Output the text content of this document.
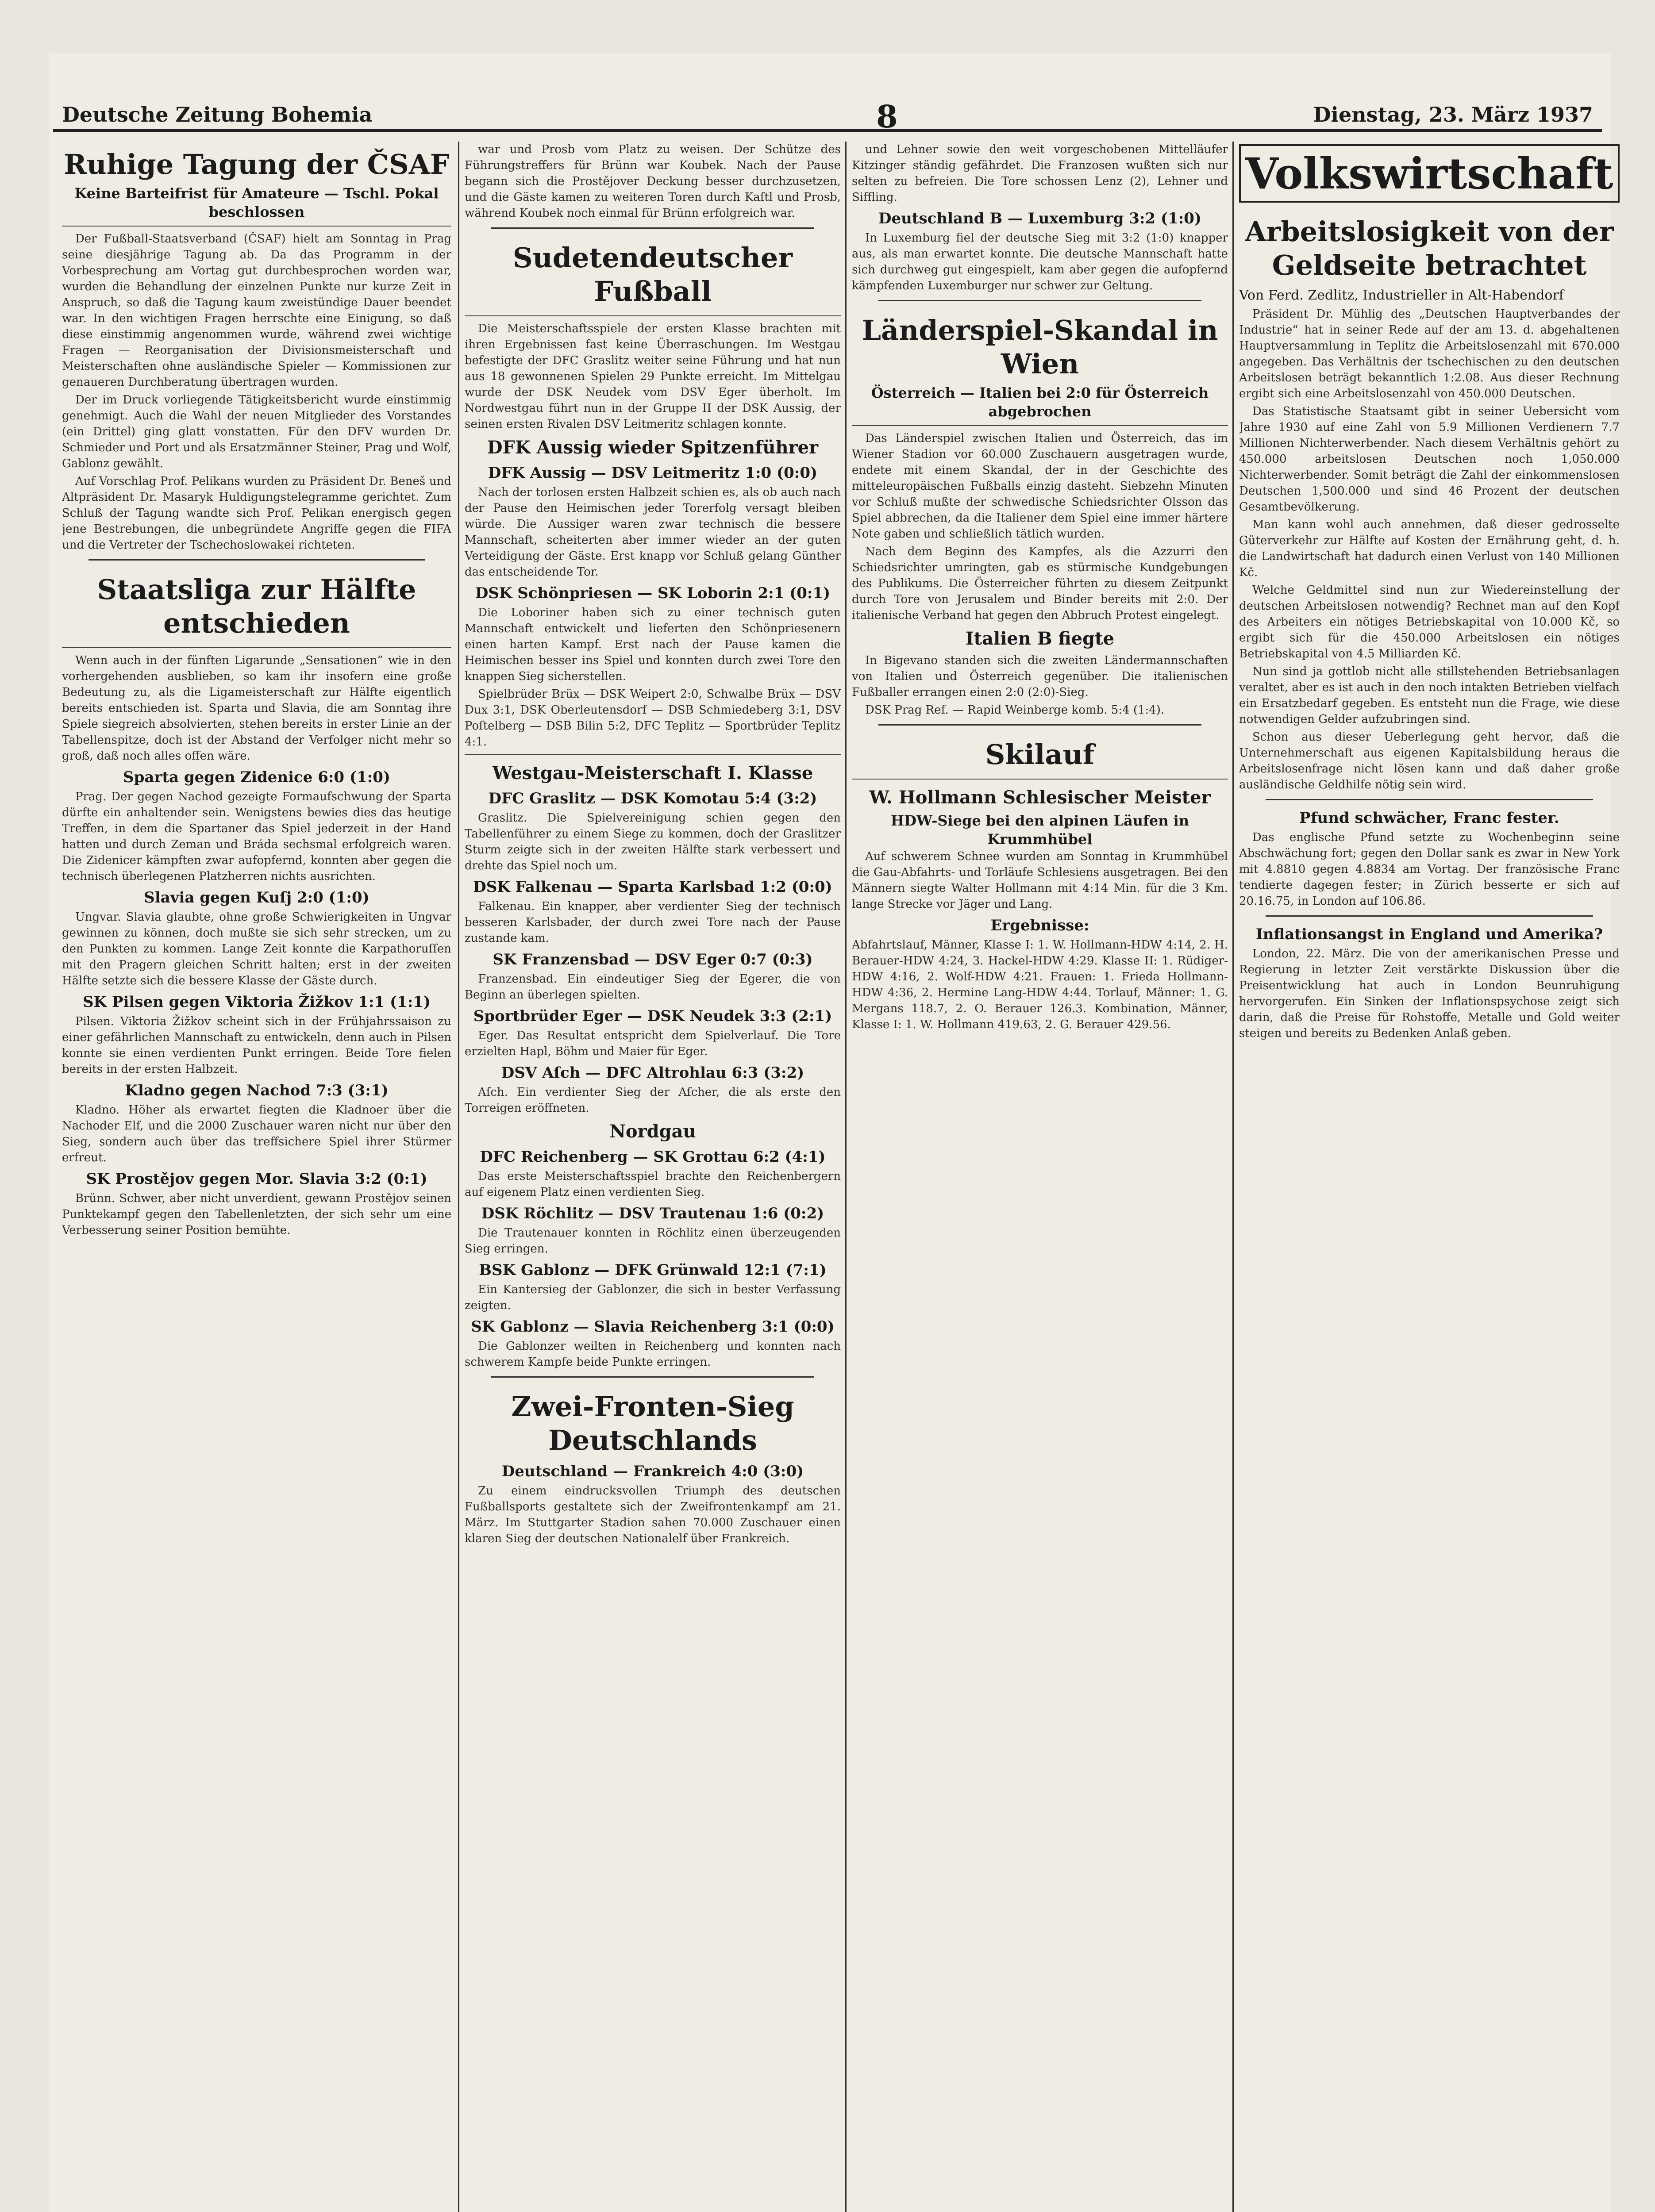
Deutsche Zeitung Bohemia	8	Dienstag, 23. März 1937
Ruhige Tagung der ČSAF
Keine Barteifrist für Amateure — Tschl. Pokal beschlossen

Der Fußball-Staatsverband (ČSAF) hielt am Sonntag in Prag seine diesjährige Tagung ab. Da das Programm in der Vorbesprechung am Vortag gut durchbesprochen worden war, wurden die Behandlung der einzelnen Punkte nur kurze Zeit in Anspruch, so daß die Tagung kaum zweistündige Dauer beendet war. In den wichtigen Fragen herrschte eine Einigung, so daß diese einstimmig angenommen wurde, während zwei wichtige Fragen — Reorganisation der Divisionsmeisterschaft und Meisterschaften ohne ausländische Spieler — Kommissionen zur genaueren Durchberatung übertragen wurden.

Der im Druck vorliegende Tätigkeitsbericht wurde einstimmig genehmigt. Auch die Wahl der neuen Mitglieder des Vorstandes (ein Drittel) ging glatt vonstatten. Für den DFV wurden Dr. Schmieder und Port und als Ersatzmänner Steiner, Prag und Wolf, Gablonz gewählt.

Auf Vorschlag Prof. Pelikans wurden zu Präsident Dr. Beneš und Altpräsident Dr. Masaryk Huldigungstelegramme gerichtet. Zum Schluß der Tagung wandte sich Prof. Pelikan energisch gegen jene Bestrebungen, die unbegründete Angriffe gegen die FIFA und die Vertreter der Tschechoslowakei richteten.

Staatsliga zur Hälfte entschieden

Wenn auch in der fünften Ligarunde „Sensationen“ wie in den vorhergehenden ausblieben, so kam ihr insofern eine große Bedeutung zu, als die Ligameisterschaft zur Hälfte eigentlich bereits entschieden ist. Sparta und Slavia, die am Sonntag ihre Spiele siegreich absolvierten, stehen bereits in erster Linie an der Tabellenspitze, doch ist der Abstand der Verfolger nicht mehr so groß, daß noch alles offen wäre.

Sparta gegen Zidenice 6:0 (1:0)

Prag. Der gegen Nachod gezeigte Formaufschwung der Sparta dürfte ein anhaltender sein. Wenigstens bewies dies das heutige Treffen, in dem die Spartaner das Spiel jederzeit in der Hand hatten und durch Zeman und Bráda sechsmal erfolgreich waren. Die Zidenicer kämpften zwar aufopfernd, konnten aber gegen die technisch überlegenen Platzherren nichts ausrichten.

Slavia gegen Kuſj 2:0 (1:0)

Ungvar. Slavia glaubte, ohne große Schwierigkeiten in Ungvar gewinnen zu können, doch mußte sie sich sehr strecken, um zu den Punkten zu kommen. Lange Zeit konnte die Karpathoruſſen mit den Pragern gleichen Schritt halten; erst in der zweiten Hälfte setzte sich die bessere Klasse der Gäste durch.

SK Pilsen gegen Viktoria Žižkov 1:1 (1:1)

Pilsen. Viktoria Žižkov scheint sich in der Frühjahrssaison zu einer gefährlichen Mannschaft zu entwickeln, denn auch in Pilsen konnte sie einen verdienten Punkt erringen. Beide Tore fielen bereits in der ersten Halbzeit.

Kladno gegen Nachod 7:3 (3:1)

Kladno. Höher als erwartet fiegten die Kladnoer über die Nachoder Elf, und die 2000 Zuschauer waren nicht nur über den Sieg, sondern auch über das treffsichere Spiel ihrer Stürmer erfreut.

SK Prostějov gegen Mor. Slavia 3:2 (0:1)

Brünn. Schwer, aber nicht unverdient, gewann Prostějov seinen Punktekampf gegen den Tabellenletzten, der sich sehr um eine Verbesserung seiner Position bemühte.

war und Prosb vom Platz zu weisen. Der Schütze des Führungstreffers für Brünn war Koubek. Nach der Pause begann sich die Prostějover Deckung besser durchzusetzen, und die Gäste kamen zu weiteren Toren durch Kaſtl und Prosb, während Koubek noch einmal für Brünn erfolgreich war.

Sudetendeutscher Fußball

Die Meisterschaftsspiele der ersten Klasse brachten mit ihren Ergebnissen fast keine Überraschungen. Im Westgau befestigte der DFC Graslitz weiter seine Führung und hat nun aus 18 gewonnenen Spielen 29 Punkte erreicht. Im Mittelgau wurde der DSK Neudek vom DSV Eger überholt. Im Nordwestgau führt nun in der Gruppe II der DSK Aussig, der seinen ersten Rivalen DSV Leitmeritz schlagen konnte.

DFK Aussig wieder Spitzenführer
DFK Aussig — DSV Leitmeritz 1:0 (0:0)

Nach der torlosen ersten Halbzeit schien es, als ob auch nach der Pause den Heimischen jeder Torerfolg versagt bleiben würde. Die Aussiger waren zwar technisch die bessere Mannschaft, scheiterten aber immer wieder an der guten Verteidigung der Gäste. Erst knapp vor Schluß gelang Günther das entscheidende Tor.

DSK Schönpriesen — SK Loborin 2:1 (0:1)

Die Loboriner haben sich zu einer technisch guten Mannschaft entwickelt und lieferten den Schönpriesenern einen harten Kampf. Erst nach der Pause kamen die Heimischen besser ins Spiel und konnten durch zwei Tore den knappen Sieg sicherstellen.

Spielbrüder Brüx — DSK Weipert 2:0, Schwalbe Brüx — DSV Dux 3:1, DSK Oberleutensdorf — DSB Schmiedeberg 3:1, DSV Poſtelberg — DSB Bilin 5:2, DFC Teplitz — Sportbrüder Teplitz 4:1.

Westgau-Meisterschaft I. Klasse
DFC Graslitz — DSK Komotau 5:4 (3:2)

Graslitz. Die Spielvereinigung schien gegen den Tabellenführer zu einem Siege zu kommen, doch der Graslitzer Sturm zeigte sich in der zweiten Hälfte stark verbessert und drehte das Spiel noch um.

DSK Falkenau — Sparta Karlsbad 1:2 (0:0)

Falkenau. Ein knapper, aber verdienter Sieg der technisch besseren Karlsbader, der durch zwei Tore nach der Pause zustande kam.

SK Franzensbad — DSV Eger 0:7 (0:3)

Franzensbad. Ein eindeutiger Sieg der Egerer, die von Beginn an überlegen spielten.

Sportbrüder Eger — DSK Neudek 3:3 (2:1)

Eger. Das Resultat entspricht dem Spielverlauf. Die Tore erzielten Hapl, Böhm und Maier für Eger.

DSV Aſch — DFC Altrohlau 6:3 (3:2)

Aſch. Ein verdienter Sieg der Aſcher, die als erste den Torreigen eröffneten.

Nordgau
DFC Reichenberg — SK Grottau 6:2 (4:1)

Das erste Meisterschaftsspiel brachte den Reichenbergern auf eigenem Platz einen verdienten Sieg.

DSK Röchlitz — DSV Trautenau 1:6 (0:2)

Die Trautenauer konnten in Röchlitz einen überzeugenden Sieg erringen.

BSK Gablonz — DFK Grünwald 12:1 (7:1)

Ein Kantersieg der Gablonzer, die sich in bester Verfassung zeigten.

SK Gablonz — Slavia Reichenberg 3:1 (0:0)

Die Gablonzer weilten in Reichenberg und konnten nach schwerem Kampfe beide Punkte erringen.

Zwei-Fronten-Sieg Deutschlands
Deutschland — Frankreich 4:0 (3:0)

Zu einem eindrucksvollen Triumph des deutschen Fußballsports gestaltete sich der Zweifrontenkampf am 21. März. Im Stuttgarter Stadion sahen 70.000 Zuschauer einen klaren Sieg der deutschen Nationalelf über Frankreich.

und Lehner sowie den weit vorgeschobenen Mittelläufer Kitzinger ständig gefährdet. Die Franzosen wußten sich nur selten zu befreien. Die Tore schossen Lenz (2), Lehner und Siffling.

Deutschland B — Luxemburg 3:2 (1:0)

In Luxemburg fiel der deutsche Sieg mit 3:2 (1:0) knapper aus, als man erwartet konnte. Die deutsche Mannschaft hatte sich durchweg gut eingespielt, kam aber gegen die aufopfernd kämpfenden Luxemburger nur schwer zur Geltung.

Länderspiel-Skandal in Wien
Österreich — Italien bei 2:0 für Österreich abgebrochen

Das Länderspiel zwischen Italien und Österreich, das im Wiener Stadion vor 60.000 Zuschauern ausgetragen wurde, endete mit einem Skandal, der in der Geschichte des mitteleuropäischen Fußballs einzig dasteht. Siebzehn Minuten vor Schluß mußte der schwedische Schiedsrichter Olsson das Spiel abbrechen, da die Italiener dem Spiel eine immer härtere Note gaben und schließlich tätlich wurden.

Nach dem Beginn des Kampfes, als die Azzurri den Schiedsrichter umringten, gab es stürmische Kundgebungen des Publikums. Die Österreicher führten zu diesem Zeitpunkt durch Tore von Jerusalem und Binder bereits mit 2:0. Der italienische Verband hat gegen den Abbruch Protest eingelegt.

Italien B fiegte

In Bigevano standen sich die zweiten Ländermannschaften von Italien und Österreich gegenüber. Die italienischen Fußballer errangen einen 2:0 (2:0)-Sieg.

DSK Prag Ref. — Rapid Weinberge komb. 5:4 (1:4).

Skilauf
W. Hollmann Schlesischer Meister
HDW-Siege bei den alpinen Läufen in Krummhübel

Auf schwerem Schnee wurden am Sonntag in Krummhübel die Gau-Abfahrts- und Torläufe Schlesiens ausgetragen. Bei den Männern siegte Walter Hollmann mit 4:14 Min. für die 3 Km. lange Strecke vor Jäger und Lang.

Ergebnisse:
Abfahrtslauf, Männer, Klasse I: 1. W. Hollmann-HDW 4:14, 2. H. Berauer-HDW 4:24, 3. Hackel-HDW 4:29. Klasse II: 1. Rüdiger-HDW 4:16, 2. Wolf-HDW 4:21. Frauen: 1. Frieda Hollmann-HDW 4:36, 2. Hermine Lang-HDW 4:44. Torlauf, Männer: 1. G. Mergans 118.7, 2. O. Berauer 126.3. Kombination, Männer, Klasse I: 1. W. Hollmann 419.63, 2. G. Berauer 429.56.
Volkswirtschaft
Arbeitslosigkeit von der Geldseite betrachtet
Von Ferd. Zedlitz, Industrieller in Alt-Habendorf

Präsident Dr. Mühlig des „Deutschen Hauptverbandes der Industrie“ hat in seiner Rede auf der am 13. d. abgehaltenen Hauptversammlung in Teplitz die Arbeitslosenzahl mit 670.000 angegeben. Das Verhältnis der tschechischen zu den deutschen Arbeitslosen beträgt bekanntlich 1:2.08. Aus dieser Rechnung ergibt sich eine Arbeitslosenzahl von 450.000 Deutschen.

Das Statistische Staatsamt gibt in seiner Uebersicht vom Jahre 1930 auf eine Zahl von 5.9 Millionen Verdienern 7.7 Millionen Nichterwerbender. Nach diesem Verhältnis gehört zu 450.000 arbeitslosen Deutschen noch 1,050.000 Nichterwerbender. Somit beträgt die Zahl der einkommenslosen Deutschen 1,500.000 und sind 46 Prozent der deutschen Gesamtbevölkerung.

Man kann wohl auch annehmen, daß dieser gedrosselte Güterverkehr zur Hälfte auf Kosten der Ernährung geht, d. h. die Landwirtschaft hat dadurch einen Verlust von 140 Millionen Kč.

Welche Geldmittel sind nun zur Wiedereinstellung der deutschen Arbeitslosen notwendig? Rechnet man auf den Kopf des Arbeiters ein nötiges Betriebskapital von 10.000 Kč, so ergibt sich für die 450.000 Arbeitslosen ein nötiges Betriebskapital von 4.5 Milliarden Kč.

Nun sind ja gottlob nicht alle stillstehenden Betriebsanlagen veraltet, aber es ist auch in den noch intakten Betrieben vielfach ein Ersatzbedarf gegeben. Es entsteht nun die Frage, wie diese notwendigen Gelder aufzubringen sind.

Schon aus dieser Ueberlegung geht hervor, daß die Unternehmerschaft aus eigenen Kapitalsbildung heraus die Arbeitslosenfrage nicht lösen kann und daß daher große ausländische Geldhilfe nötig sein wird.

Pfund schwächer, Franc fester.

Das englische Pfund setzte zu Wochenbeginn seine Abschwächung fort; gegen den Dollar sank es zwar in New York mit 4.8810 gegen 4.8834 am Vortag. Der französische Franc tendierte dagegen fester; in Zürich besserte er sich auf 20.16.75, in London auf 106.86.

Inflationsangst in England und Amerika?

London, 22. März. Die von der amerikanischen Presse und Regierung in letzter Zeit verstärkte Diskussion über die Preisentwicklung hat auch in London Beunruhigung hervorgerufen. Ein Sinken der Inflationspsychose zeigt sich darin, daß die Preise für Rohstoffe, Metalle und Gold weiter steigen und bereits zu Bedenken Anlaß geben.
